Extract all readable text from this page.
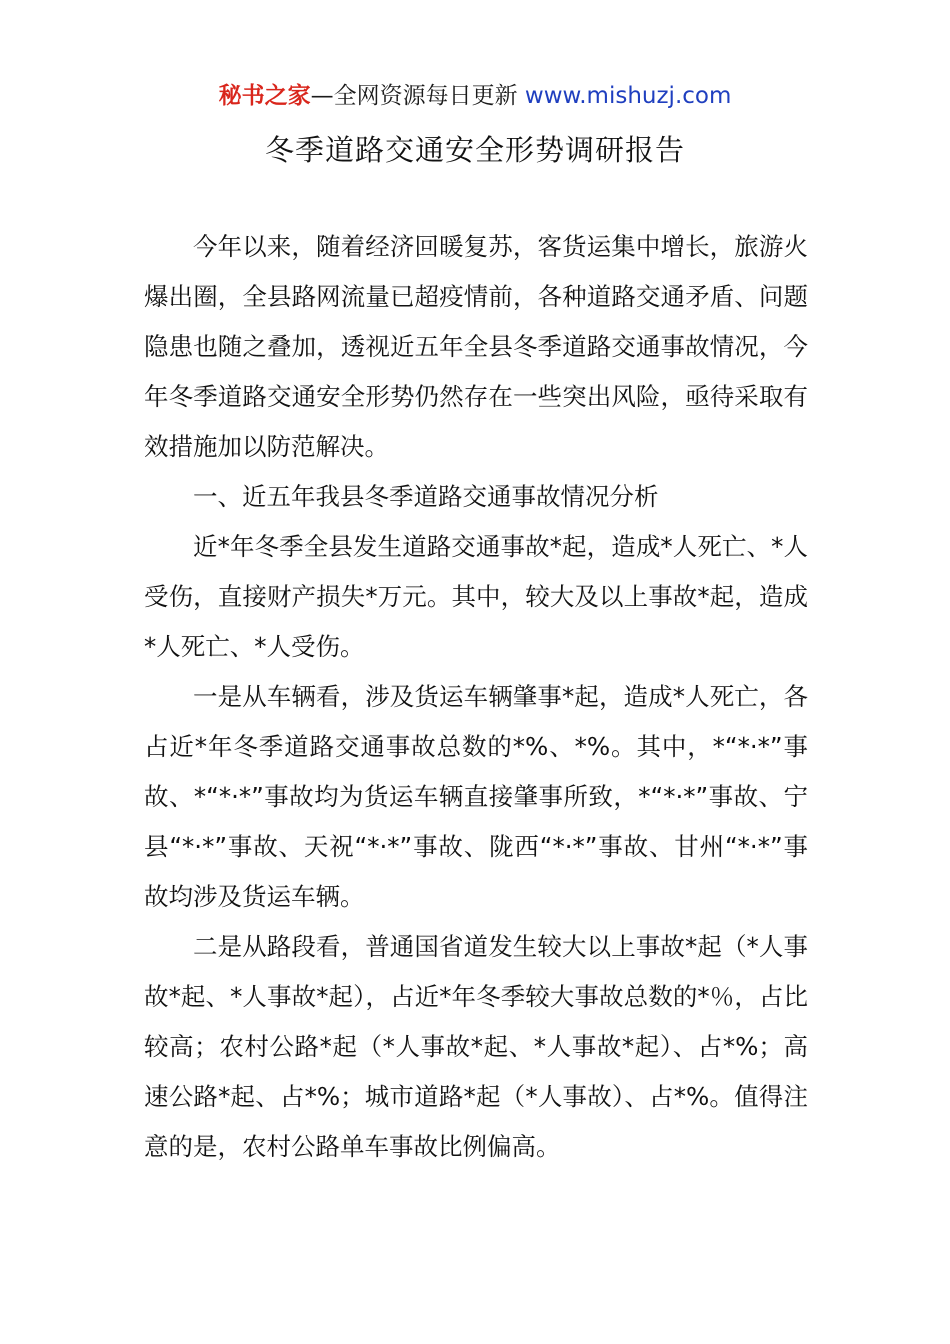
秘书之家—全网资源每日更新 www.mishuzj.com
冬季道路交通安全形势调研报告

今年以来，随着经济回暖复苏，客货运集中增长，旅游火爆出圈，全县路网流量已超疫情前，各种道路交通矛盾、问题隐患也随之叠加，透视近五年全县冬季道路交通事故情况，今年冬季道路交通安全形势仍然存在一些突出风险，亟待采取有效措施加以防范解决。

一、近五年我县冬季道路交通事故情况分析

近*年冬季全县发生道路交通事故*起，造成*人死亡、*人受伤，直接财产损失*万元。其中，较大及以上事故*起，造成*人死亡、*人受伤。

一是从车辆看，涉及货运车辆肇事*起，造成*人死亡，各占近*年冬季道路交通事故总数的*%、*%。其中，*“*·*”事故、*“*·*”事故均为货运车辆直接肇事所致，*“*·*”事故、宁县“*·*”事故、天祝“*·*”事故、陇西“*·*”事故、甘州“*·*”事故均涉及货运车辆。

二是从路段看，普通国省道发生较大以上事故*起（*人事故*起、*人事故*起），占近*年冬季较大事故总数的*％，占比较高；农村公路*起（*人事故*起、*人事故*起）、占*%；高速公路*起、占*%；城市道路*起（*人事故）、占*%。值得注意的是，农村公路单车事故比例偏高。
